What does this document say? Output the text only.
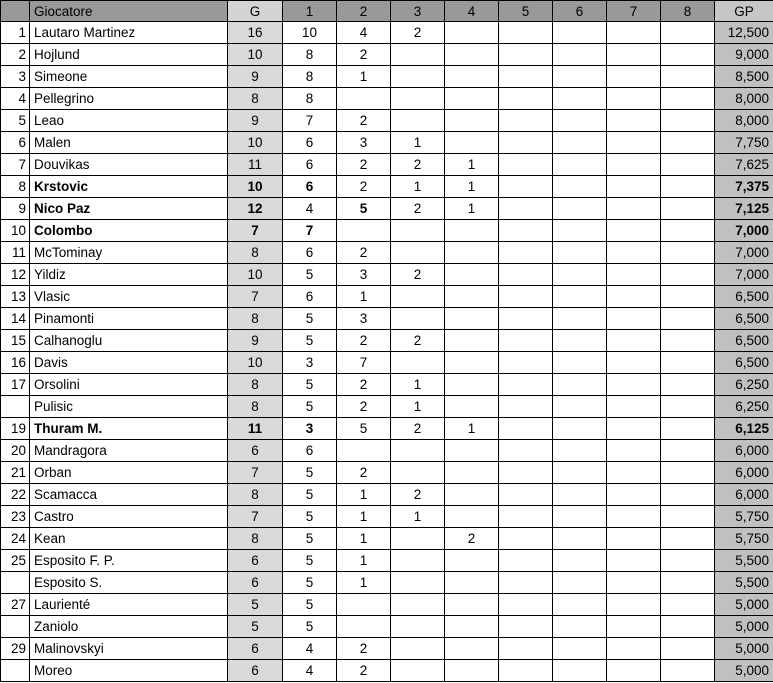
	Giocatore	G	1	2	3	4	5	6	7	8	GP
1	Lautaro Martinez	16	10	4	2						12,500
2	Hojlund	10	8	2							9,000
3	Simeone	9	8	1							8,500
4	Pellegrino	8	8								8,000
5	Leao	9	7	2							8,000
6	Malen	10	6	3	1						7,750
7	Douvikas	11	6	2	2	1					7,625
8	Krstovic	10	6	2	1	1					7,375
9	Nico Paz	12	4	5	2	1					7,125
10	Colombo	7	7								7,000
11	McTominay	8	6	2							7,000
12	Yildiz	10	5	3	2						7,000
13	Vlasic	7	6	1							6,500
14	Pinamonti	8	5	3							6,500
15	Calhanoglu	9	5	2	2						6,500
16	Davis	10	3	7							6,500
17	Orsolini	8	5	2	1						6,250
	Pulisic	8	5	2	1						6,250
19	Thuram M.	11	3	5	2	1					6,125
20	Mandragora	6	6								6,000
21	Orban	7	5	2							6,000
22	Scamacca	8	5	1	2						6,000
23	Castro	7	5	1	1						5,750
24	Kean	8	5	1		2					5,750
25	Esposito F. P.	6	5	1							5,500
	Esposito S.	6	5	1							5,500
27	Laurienté	5	5								5,000
	Zaniolo	5	5								5,000
29	Malinovskyi	6	4	2							5,000
	Moreo	6	4	2							5,000
